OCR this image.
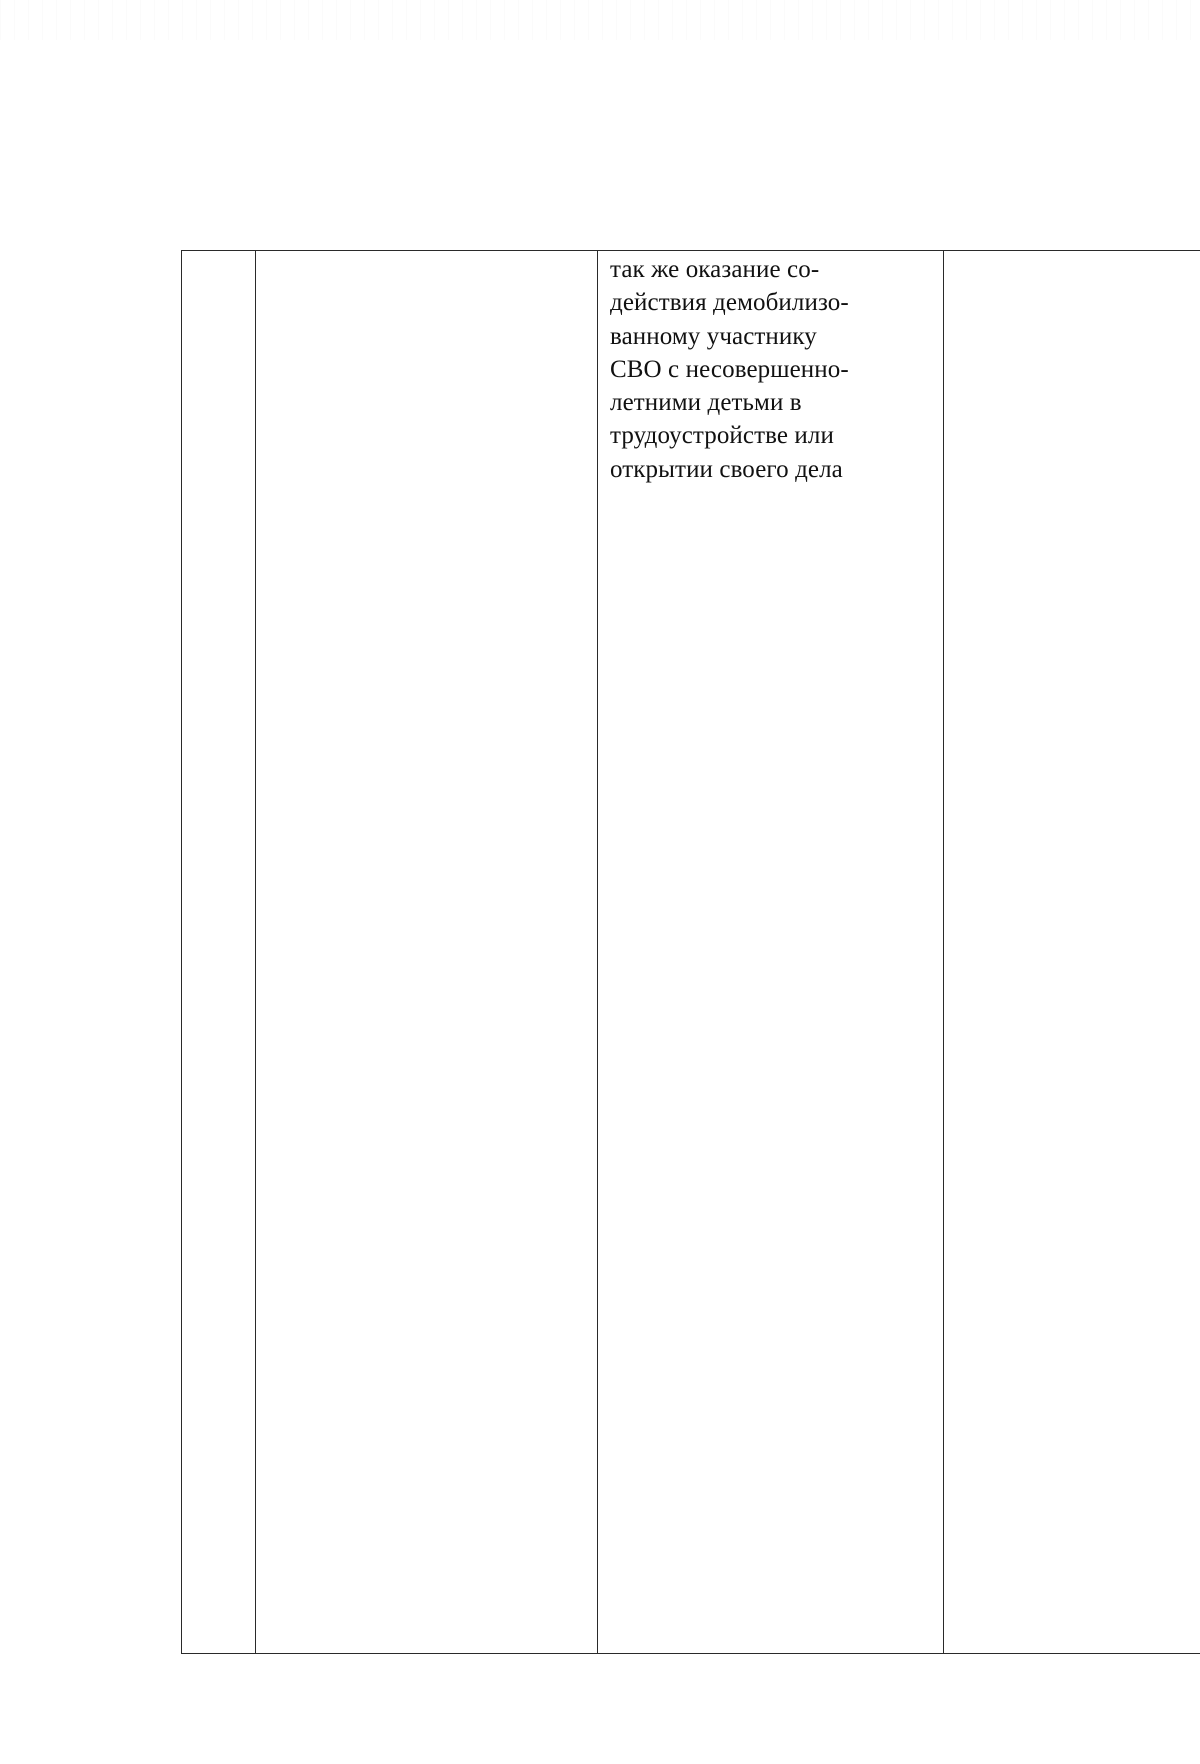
так же оказание со-
действия демобилизо-
ванному участнику
СВО с несовершенно-
летними детьми в
трудоустройстве или
открытии своего дела
